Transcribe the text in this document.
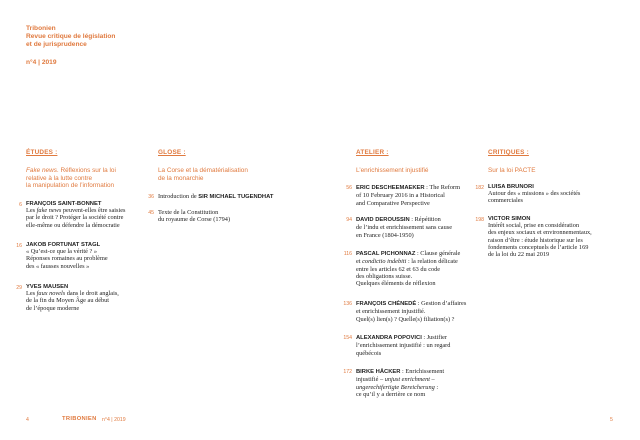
Tribonien
Revue critique de législation
et de jurisprudence
n°4 | 2019
ÉTUDES :
Fake news. Réflexions sur la loi
relative à la lutte contre
la manipulation de l’information
6 FRANÇOIS SAINT-BONNET
Les fake news peuvent-elles être saisies
par le droit ? Protéger la société contre
elle-même ou défendre la démocratie
16 JAKOB FORTUNAT STAGL
« Qu’est-ce que la vérité ? »
Réponses romaines au problème
des « fausses nouvelles »
29 YVES MAUSEN
Les faux novels dans le droit anglais,
de la fin du Moyen Âge au début
de l’époque moderne
GLOSE :
La Corse et la dématérialisation
de la monarchie
36 Introduction de SIR MICHAEL TUGENDHAT
45 Texte de la Constitution
du royaume de Corse (1794)
ATELIER :
L’enrichissement injustifié
56 ERIC DESCHEEMAEKER : The Reform
of 10 February 2016 in a Historical
and Comparative Perspective
94 DAVID DEROUSSIN : Répétition
de l’indu et enrichissement sans cause
en France (1804-1950)
116 PASCAL PICHONNAZ : Clause générale
et condictio indebiti : la relation délicate
entre les articles 62 et 63 du code
des obligations suisse.
Quelques éléments de réflexion
136 FRANÇOIS CHÉNEDÉ : Gestion d’affaires
et enrichissement injustifié.
Quel(s) lien(s) ? Quelle(s) filiation(s) ?
154 ALEXANDRA POPOVICI : Justifier
l’enrichissement injustifié : un regard
québécois
172 BIRKE HÄCKER : Enrichissement
injustifié – unjust enrichment –
ungerechtfertigte Bereicherung :
ce qu’il y a derrière ce nom
CRITIQUES :
Sur la loi PACTE
182 LUISA BRUNORI
Autour des « missions » des sociétés
commerciales
198 VICTOR SIMON
Intérêt social, prise en considération
des enjeux sociaux et environnementaux,
raison d’être : étude historique sur les
fondements conceptuels de l’article 169
de la loi du 22 mai 2019
4	TRIBONIEN n°4 | 2019	5
